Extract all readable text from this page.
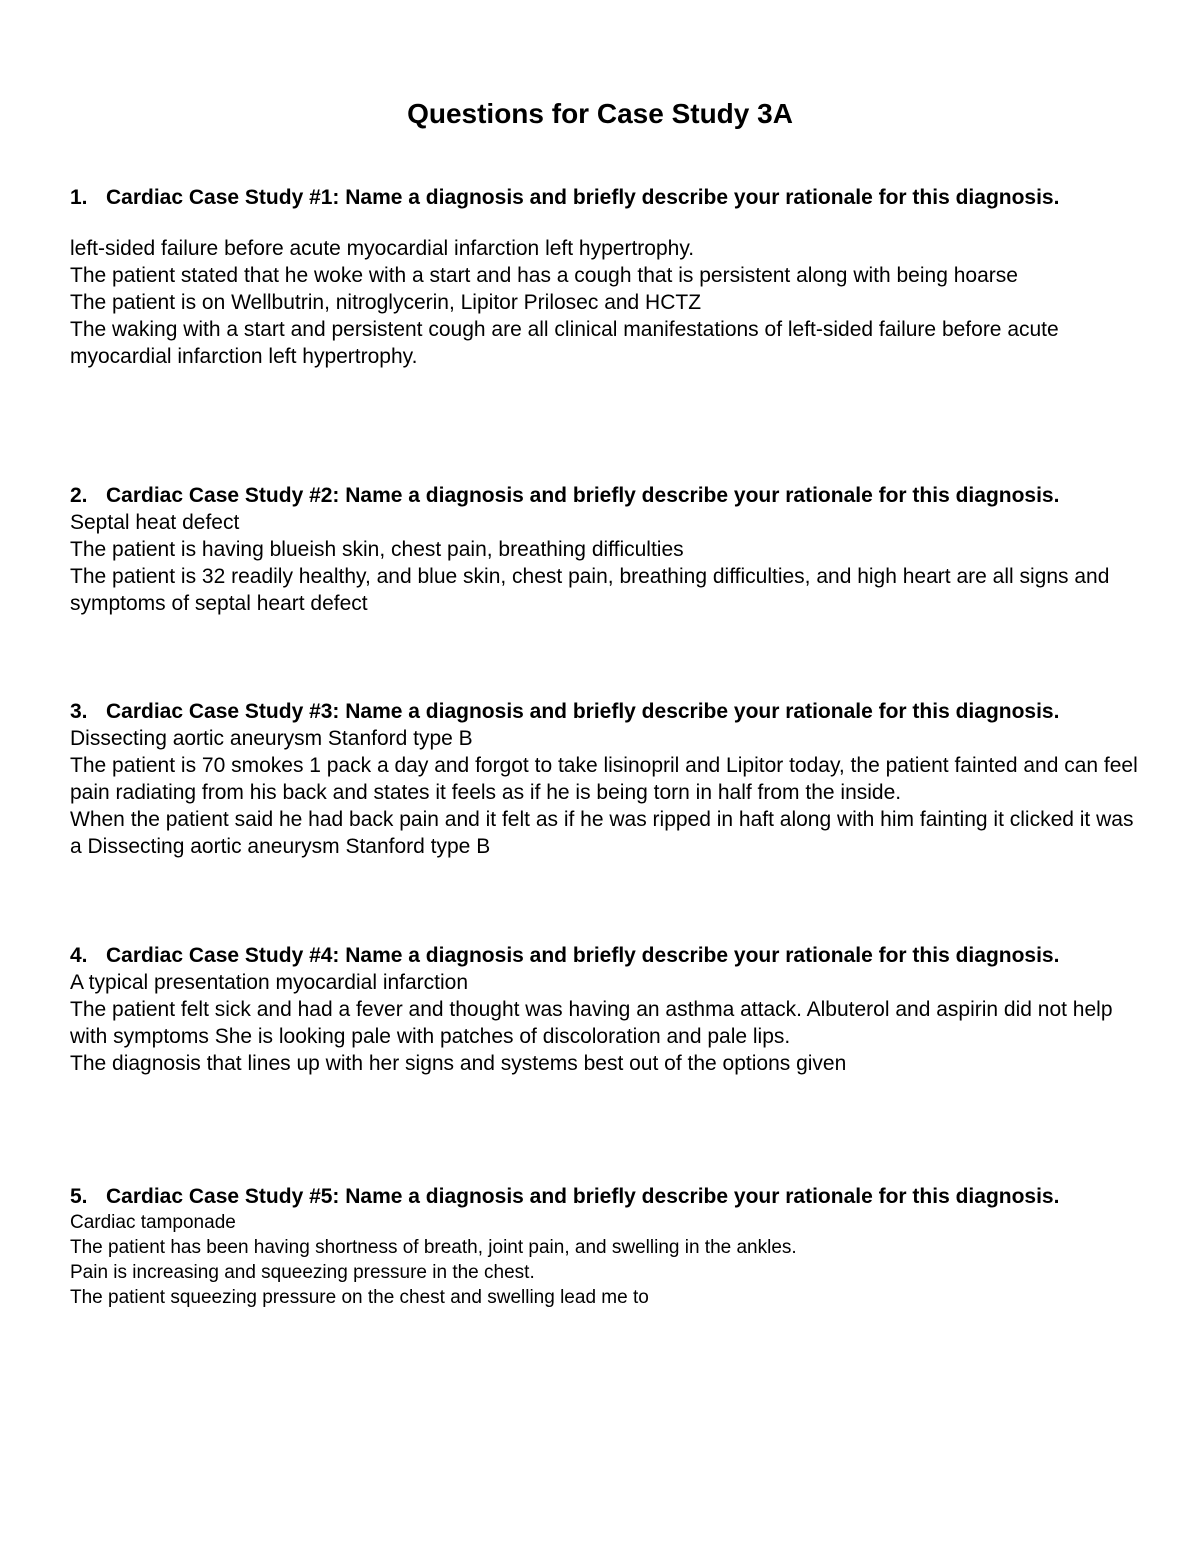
Questions for Case Study 3A
1. Cardiac Case Study #1: Name a diagnosis and briefly describe your rationale for this diagnosis.
left-sided failure before acute myocardial infarction left hypertrophy.
The patient stated that he woke with a start and has a cough that is persistent along with being hoarse
The patient is on Wellbutrin, nitroglycerin, Lipitor Prilosec and HCTZ
The waking with a start and persistent cough are all clinical manifestations of left-sided failure before acute myocardial infarction left hypertrophy.
2. Cardiac Case Study #2: Name a diagnosis and briefly describe your rationale for this diagnosis.
Septal heat defect
The patient is having blueish skin, chest pain, breathing difficulties
The patient is 32 readily healthy, and blue skin, chest pain, breathing difficulties, and high heart are all signs and symptoms of septal heart defect
3. Cardiac Case Study #3: Name a diagnosis and briefly describe your rationale for this diagnosis.
Dissecting aortic aneurysm Stanford type B
The patient is 70 smokes 1 pack a day and forgot to take lisinopril and Lipitor today, the patient fainted and can feel pain radiating from his back and states it feels as if he is being torn in half from the inside.
When the patient said he had back pain and it felt as if he was ripped in haft along with him fainting it clicked it was a Dissecting aortic aneurysm Stanford type B
4. Cardiac Case Study #4: Name a diagnosis and briefly describe your rationale for this diagnosis.
A typical presentation myocardial infarction
The patient felt sick and had a fever and thought was having an asthma attack. Albuterol and aspirin did not help with symptoms She is looking pale with patches of discoloration and pale lips.
The diagnosis that lines up with her signs and systems best out of the options given
5. Cardiac Case Study #5: Name a diagnosis and briefly describe your rationale for this diagnosis.
Cardiac tamponade
The patient has been having shortness of breath, joint pain, and swelling in the ankles.
Pain is increasing and squeezing pressure in the chest.
The patient squeezing pressure on the chest and swelling lead me to
